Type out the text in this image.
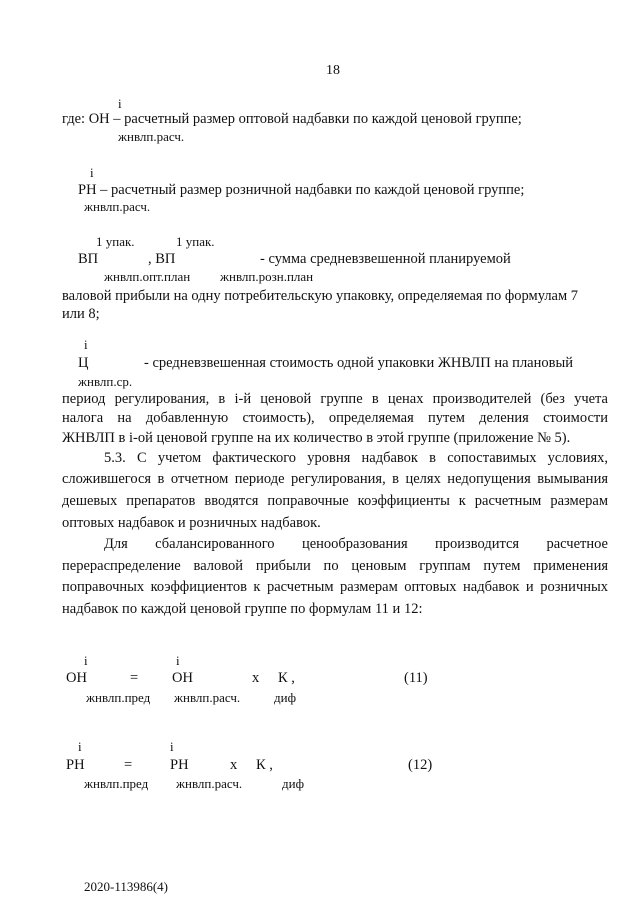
18
i
где: ОН – расчетный размер оптовой надбавки по каждой ценовой группе;
жнвлп.расч.
i
РН – расчетный размер розничной надбавки по каждой ценовой группе;
жнвлп.расч.
1 упак.	1 упак.
ВП	, ВП	- сумма средневзвешенной планируемой
жнвлп.опт.план жнвлп.розн.план
валовой прибыли на одну потребительскую упаковку, определяемая по формулам 7
или 8;
i
Ц	- средневзвешенная стоимость одной упаковки ЖНВЛП на плановый
жнвлп.ср.
период регулирования, в i-й ценовой группе в ценах производителей (без учета
налога на добавленную стоимость), определяемая путем деления стоимости
ЖНВЛП в i-ой ценовой группе на их количество в этой группе (приложение № 5).
5.3. С учетом фактического уровня надбавок в сопоставимых условиях,
сложившегося в отчетном периоде регулирования, в целях недопущения вымывания
дешевых препаратов вводятся поправочные коэффициенты к расчетным размерам
оптовых надбавок и розничных надбавок.
Для сбалансированного ценообразования производится расчетное
перераспределение валовой прибыли по ценовым группам путем применения
поправочных коэффициентов к расчетным размерам оптовых надбавок и розничных
надбавок по каждой ценовой группе по формулам 11 и 12:
i	i
ОН	= ОН	х К ,	(11)
жнвлп.пред жнвлп.расч.	диф
i	i
РН	=	РН	х К ,	(12)
жнвлп.пред жнвлп.расч.	диф
2020-113986(4)
